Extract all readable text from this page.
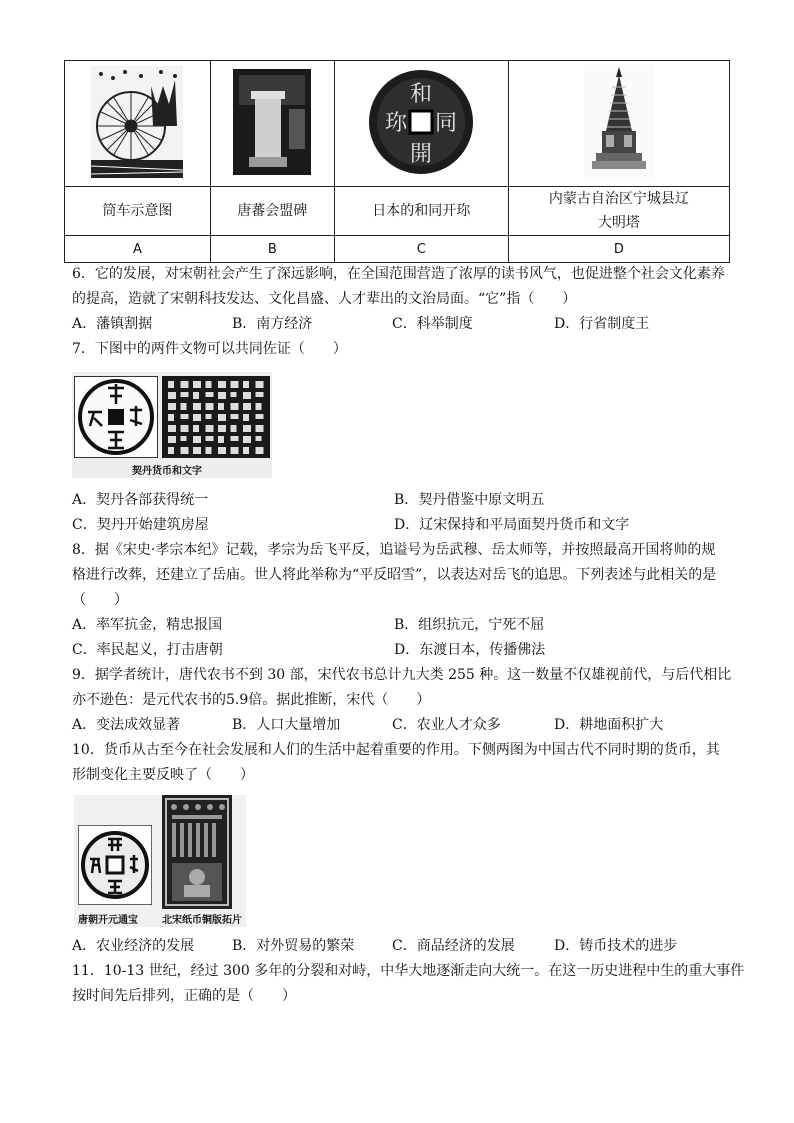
和
同
開
珎

筒车示意图	唐蕃会盟碑	日本的和同开珎	内蒙古自治区宁城县辽
大明塔
A	B	C	D
6．它的发展，对宋朝社会产生了深远影响，在全国范围营造了浓厚的读书风气，也促进整个社会文化素养
的提高，造就了宋朝科技发达、文化昌盛、人才辈出的文治局面。“它”指（　　）
A．藩镇割据	B．南方经济	C．科举制度	D．行省制度王
7．下图中的两件文物可以共同佐证（　　）
契丹货币和文字
A．契丹各部获得统一	B．契丹借鉴中原文明五
C．契丹开始建筑房屋	D．辽宋保持和平局面契丹货币和文字
8．据《宋史·孝宗本纪》记载，孝宗为岳飞平反，追谥号为岳武穆、岳太师等，并按照最高开国将帅的规
格进行改葬，还建立了岳庙。世人将此举称为“平反昭雪”，以表达对岳飞的追思。下列表述与此相关的是
（　　）
A．率军抗金，精忠报国	B．组织抗元，宁死不屈
C．率民起义，打击唐朝	D．东渡日本，传播佛法
9．据学者统计，唐代农书不到 30 部，宋代农书总计九大类 255 种。这一数量不仅雄视前代，与后代相比
亦不逊色：是元代农书的5.9倍。据此推断，宋代（　　）
A．变法成效显著	B．人口大量增加	C．农业人才众多	D．耕地面积扩大
10．货币从古至今在社会发展和人们的生活中起着重要的作用。下侧两图为中国古代不同时期的货币，其
形制变化主要反映了（　　）
唐朝开元通宝 北宋纸币铜版拓片
A．农业经济的发展	B．对外贸易的繁荣	C．商品经济的发展	D．铸币技术的进步
11．10-13 世纪，经过 300 多年的分裂和对峙，中华大地逐渐走向大统一。在这一历史进程中生的重大事件
按时间先后排列，正确的是（　　）
